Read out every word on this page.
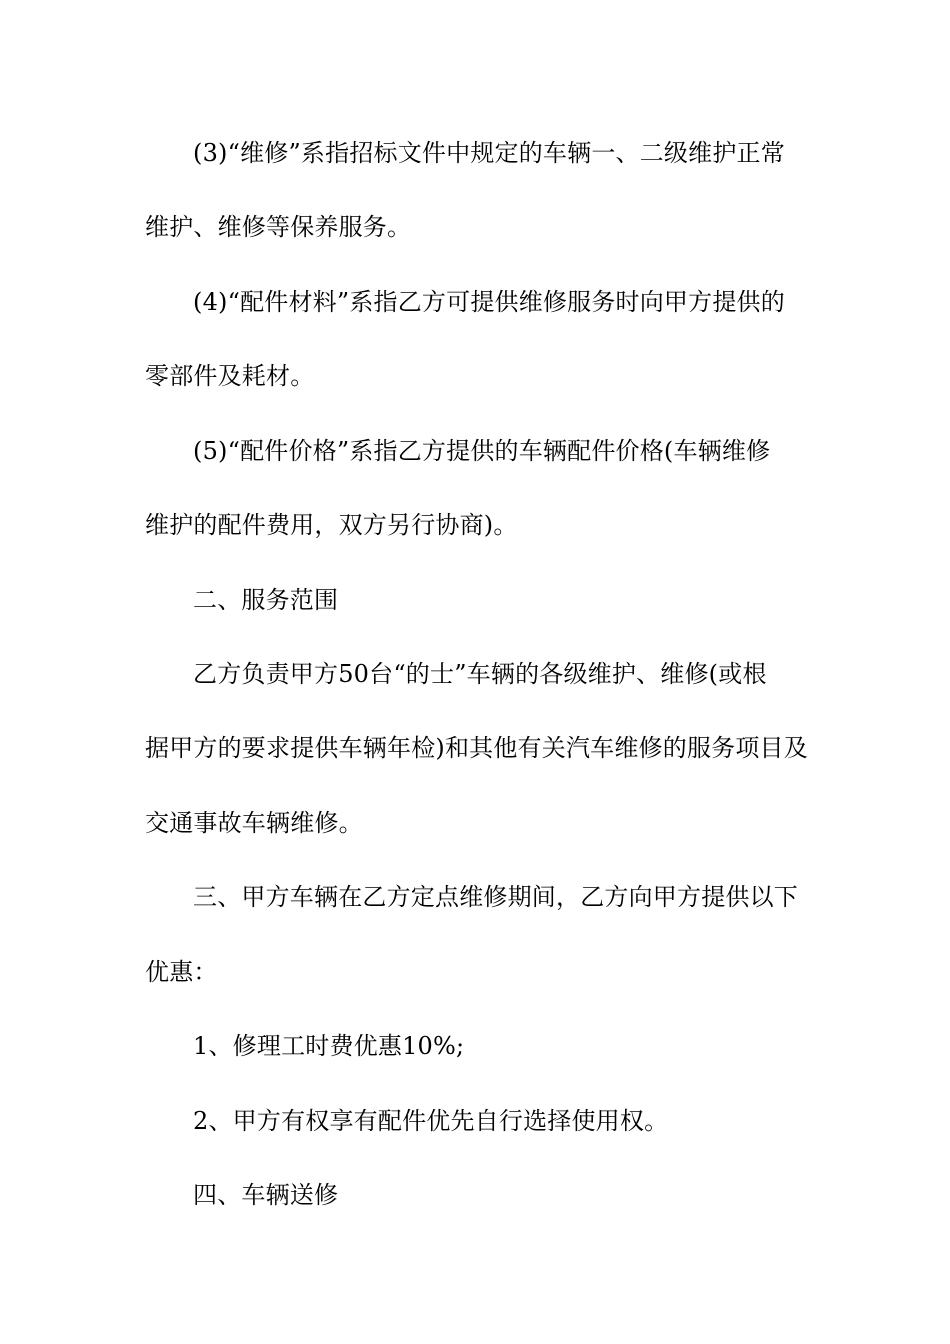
(3)“维修”系指招标文件中规定的车辆一、二级维护正常
维护、维修等保养服务。
(4)“配件材料”系指乙方可提供维修服务时向甲方提供的
零部件及耗材。
(5)“配件价格”系指乙方提供的车辆配件价格(车辆维修
维护的配件费用，双方另行协商)。
二、服务范围
乙方负责甲方50台“的士”车辆的各级维护、维修(或根
据甲方的要求提供车辆年检)和其他有关汽车维修的服务项目及
交通事故车辆维修。
三、甲方车辆在乙方定点维修期间，乙方向甲方提供以下
优惠：
1、修理工时费优惠10%;
2、甲方有权享有配件优先自行选择使用权。
四、车辆送修
